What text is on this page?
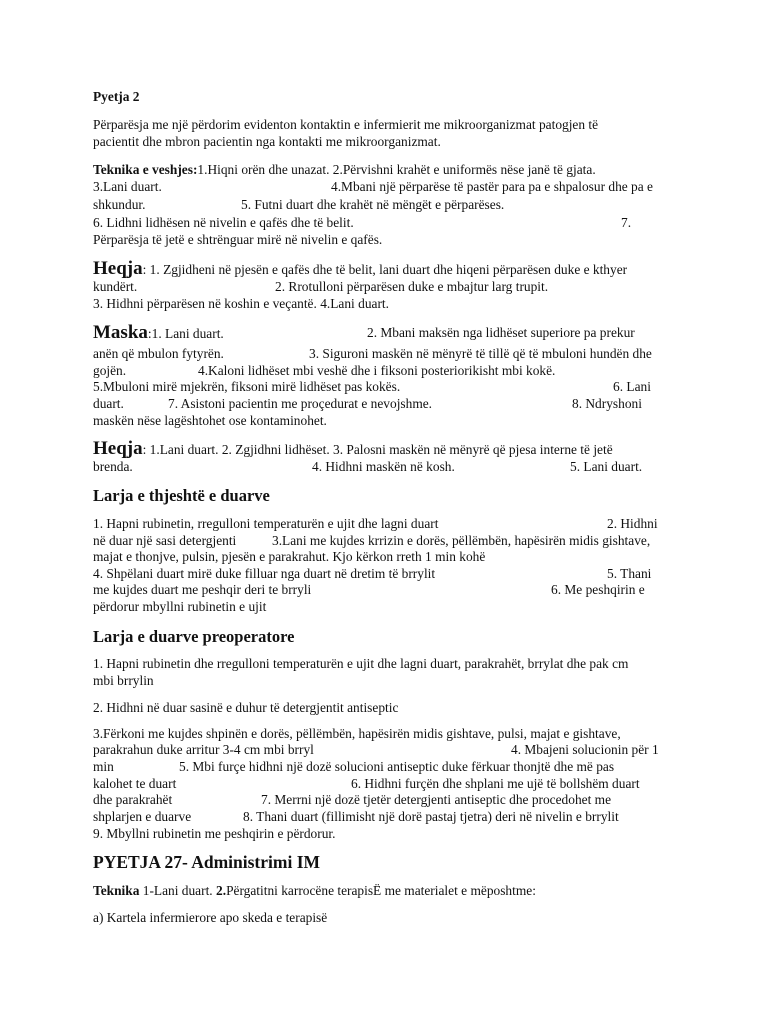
Pyetja 2
Përparësja me një përdorim evidenton kontaktin e infermierit me mikroorganizmat patogjen të
pacientit dhe mbron pacientin nga kontakti me mikroorganizmat.
Teknika e veshjes:1.Hiqni orën dhe unazat. 2.Përvishni krahët e uniformës nëse janë të gjata.
3.Lani duart.	4.Mbani një përparëse të pastër para pa e shpalosur dhe pa e
shkundur.	5. Futni duart dhe krahët në mëngët e përparëses.
6. Lidhni lidhësen në nivelin e qafës dhe të belit.	7.
Përparësja të jetë e shtrënguar mirë në nivelin e qafës.
Heqja: 1. Zgjidheni në pjesën e qafës dhe të belit, lani duart dhe hiqeni përparësen duke e kthyer
kundërt.	2. Rrotulloni përparësen duke e mbajtur larg trupit.
3. Hidhni përparësen në koshin e veçantë. 4.Lani duart.
Maska:1. Lani duart.	2. Mbani maksën nga lidhëset superiore pa prekur
anën që mbulon fytyrën.	3. Siguroni maskën në mënyrë të tillë që të mbuloni hundën dhe
gojën.	4.Kaloni lidhëset mbi veshë dhe i fiksoni posteriorikisht mbi kokë.
5.Mbuloni mirë mjekrën, fiksoni mirë lidhëset pas kokës.	6. Lani
duart.	7. Asistoni pacientin me proçedurat e nevojshme.	8. Ndryshoni
maskën nëse lagështohet ose kontaminohet.
Heqja: 1.Lani duart. 2. Zgjidhni lidhëset. 3. Palosni maskën në mënyrë që pjesa interne të jetë
brenda.	4. Hidhni maskën në kosh.	5. Lani duart.
Larja e thjeshtë e duarve
1. Hapni rubinetin, rregulloni temperaturën e ujit dhe lagni duart	2. Hidhni
në duar një sasi detergjenti	3.Lani me kujdes krrizin e dorës, pëllëmbën, hapësirën midis gishtave,
majat e thonjve, pulsin, pjesën e parakrahut. Kjo kërkon rreth 1 min kohë
4. Shpëlani duart mirë duke filluar nga duart në dretim të brrylit	5. Thani
me kujdes duart me peshqir deri te brryli	6. Me peshqirin e
përdorur mbyllni rubinetin e ujit
Larja e duarve preoperatore
1. Hapni rubinetin dhe rregulloni temperaturën e ujit dhe lagni duart, parakrahët, brrylat dhe pak cm
mbi brrylin
2. Hidhni në duar sasinë e duhur të detergjentit antiseptic
3.Fërkoni me kujdes shpinën e dorës, pëllëmbën, hapësirën midis gishtave, pulsi, majat e gishtave,
parakrahun duke arritur 3-4 cm mbi brryl	4. Mbajeni solucionin për 1
min	5. Mbi furçe hidhni një dozë solucioni antiseptic duke fërkuar thonjtë dhe më pas
kalohet te duart	6. Hidhni furçën dhe shplani me ujë të bollshëm duart
dhe parakrahët	7. Merrni një dozë tjetër detergjenti antiseptic dhe procedohet me
shplarjen e duarve	8. Thani duart (fillimisht një dorë pastaj tjetra) deri në nivelin e brrylit
9. Mbyllni rubinetin me peshqirin e përdorur.
PYETJA 27- Administrimi IM
Teknika 1-Lani duart. 2.Përgatitni karrocëne terapisË me materialet e mëposhtme:
a) Kartela infermierore apo skeda e terapisë
